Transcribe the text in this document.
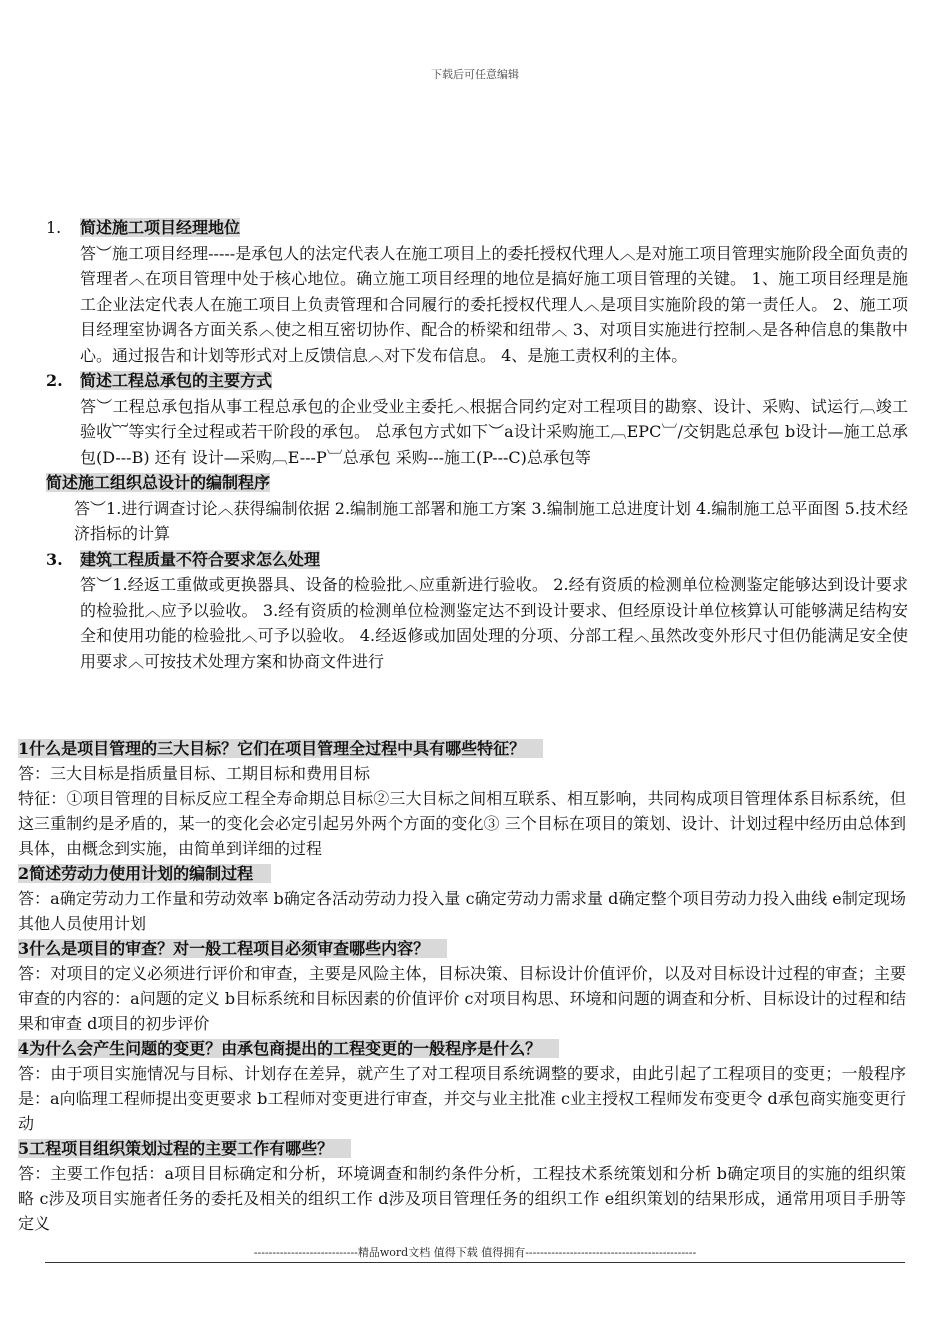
下载后可任意编辑
1.	简述施工项目经理地位
答︶施工项目经理-----是承包人的法定代表人在施工项目上的委托授权代理人︿是对施工项目管理实施阶段全面负责的管理者︿在项目管理中处于核心地位。确立施工项目经理的地位是搞好施工项目管理的关键。 1、施工项目经理是施工企业法定代表人在施工项目上负责管理和合同履行的委托授权代理人︿是项目实施阶段的第一责任人。 2、施工项目经理室协调各方面关系︿使之相互密切协作、配合的桥梁和纽带︿ 3、对项目实施进行控制︿是各种信息的集散中心。通过报告和计划等形式对上反馈信息︿对下发布信息。 4、是施工责权利的主体。
2.	简述工程总承包的主要方式
答︶工程总承包指从事工程总承包的企业受业主委托︿根据合同约定对工程项目的勘察、设计、采购、试运行︹竣工验收︸等实行全过程或若干阶段的承包。 总承包方式如下︶a设计采购施工︹EPC︺/交钥匙总承包 b设计—施工总承包(D---B) 还有 设计—采购︹E---P︺总承包 采购---施工(P---C)总承包等
简述施工组织总设计的编制程序
答︶1.进行调查讨论︿获得编制依据 2.编制施工部署和施工方案 3.编制施工总进度计划 4.编制施工总平面图 5.技术经济指标的计算
3.	建筑工程质量不符合要求怎么处理
答︶1.经返工重做或更换器具、设备的检验批︿应重新进行验收。 2.经有资质的检测单位检测鉴定能够达到设计要求的检验批︿应予以验收。 3.经有资质的检测单位检测鉴定达不到设计要求、但经原设计单位核算认可能够满足结构安全和使用功能的检验批︿可予以验收。 4.经返修或加固处理的分项、分部工程︿虽然改变外形尺寸但仍能满足安全使用要求︿可按技术处理方案和协商文件进行
1什么是项目管理的三大目标？它们在项目管理全过程中具有哪些特征？
答：三大目标是指质量目标、工期目标和费用目标
特征：①项目管理的目标反应工程全寿命期总目标②三大目标之间相互联系、相互影响，共同构成项目管理体系目标系统，但这三重制约是矛盾的，某一的变化会必定引起另外两个方面的变化③ 三个目标在项目的策划、设计、计划过程中经历由总体到具体，由概念到实施，由简单到详细的过程
2简述劳动力使用计划的编制过程
答：a确定劳动力工作量和劳动效率 b确定各活动劳动力投入量 c确定劳动力需求量 d确定整个项目劳动力投入曲线 e制定现场其他人员使用计划
3什么是项目的审查？对一般工程项目必须审查哪些内容？
答：对项目的定义必须进行评价和审查，主要是风险主体，目标决策、目标设计价值评价，以及对目标设计过程的审查；主要审查的内容的：a问题的定义 b目标系统和目标因素的价值评价 c对项目构思、环境和问题的调查和分析、目标设计的过程和结果和审查 d项目的初步评价
4为什么会产生问题的变更？由承包商提出的工程变更的一般程序是什么？
答：由于项目实施情况与目标、计划存在差异，就产生了对工程项目系统调整的要求，由此引起了工程项目的变更；一般程序是：a向临理工程师提出变更要求 b工程师对变更进行审查，并交与业主批准 c业主授权工程师发布变更令 d承包商实施变更行动
5工程项目组织策划过程的主要工作有哪些？
答：主要工作包括：a项目目标确定和分析，环境调查和制约条件分析，工程技术系统策划和分析 b确定项目的实施的组织策略 c涉及项目实施者任务的委托及相关的组织工作 d涉及项目管理任务的组织工作 e组织策划的结果形成，通常用项目手册等定义
----------------------------精品word文档 值得下载 值得拥有----------------------------------------------
